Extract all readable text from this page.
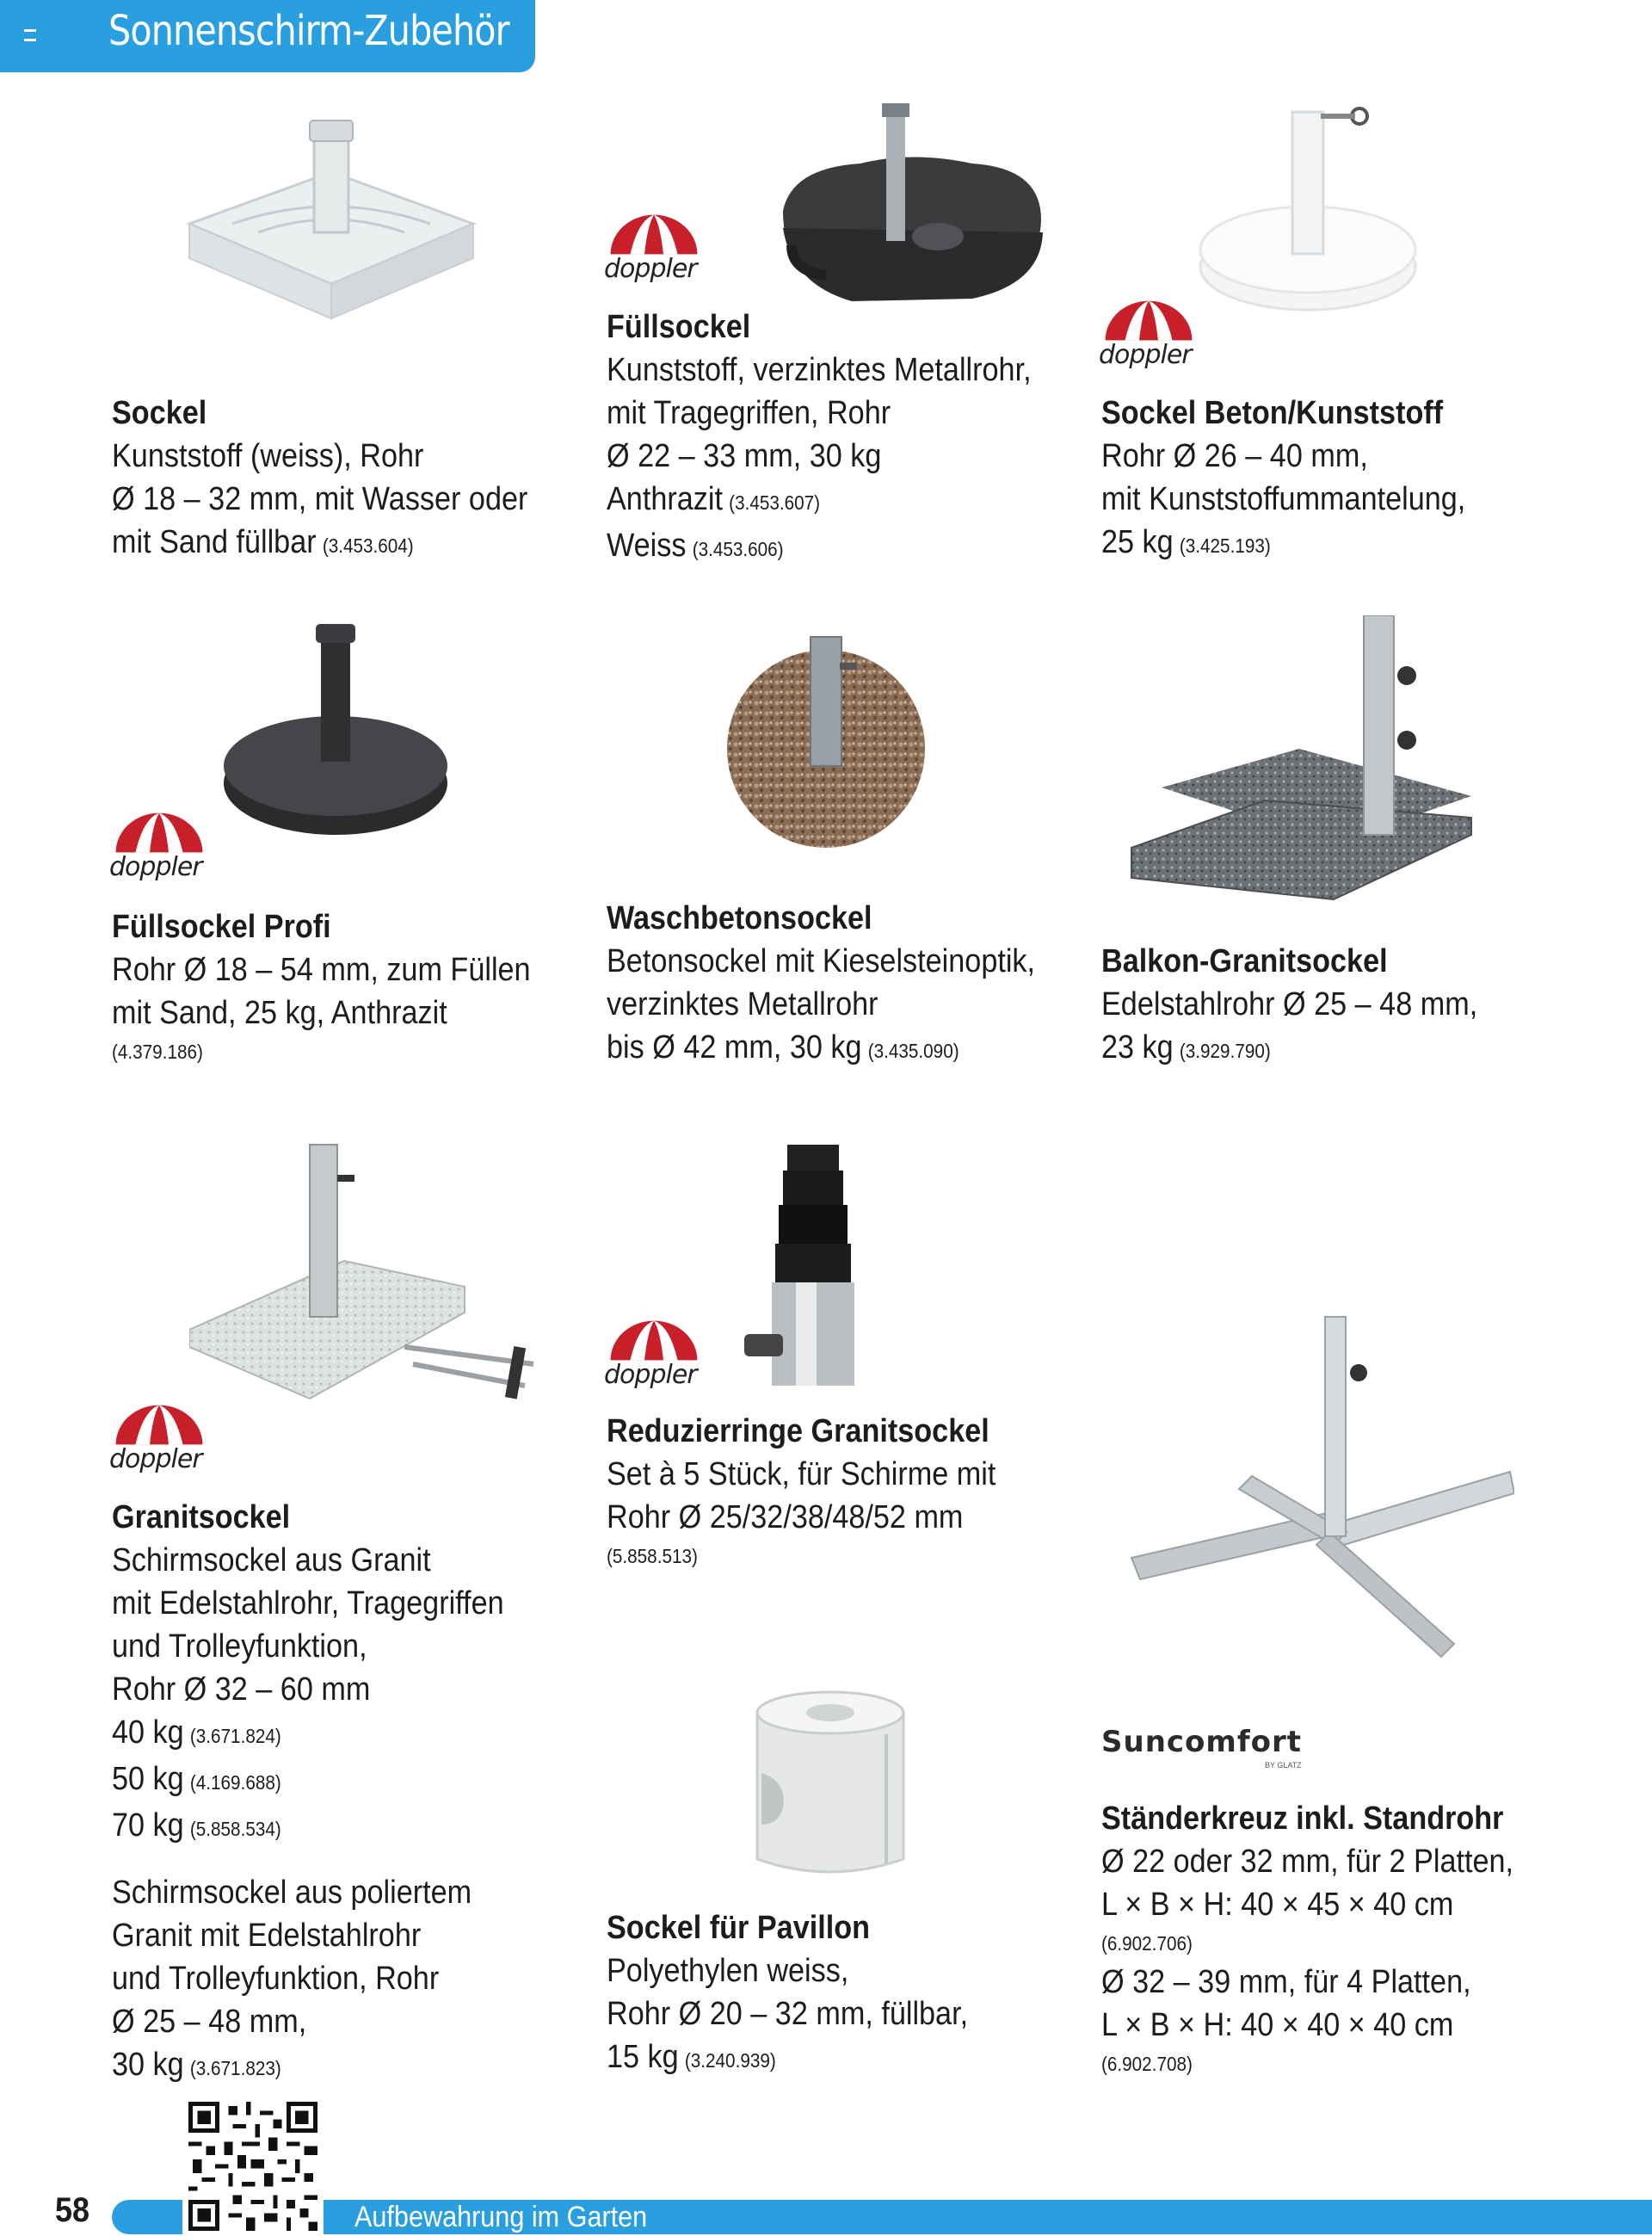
Sonnenschirm-Zubehör
Sockel
Kunststoff (weiss), Rohr
Ø 18 – 32 mm, mit Wasser oder
mit Sand füllbar (3.453.604)
doppler
Füllsockel
Kunststoff, verzinktes Metallrohr,
mit Tragegriffen, Rohr
Ø 22 – 33 mm, 30 kg
Anthrazit (3.453.607)
Weiss (3.453.606)
doppler
Sockel Beton/Kunststoff
Rohr Ø 26 – 40 mm,
mit Kunststoffummantelung,
25 kg (3.425.193)
doppler
Füllsockel Profi
Rohr Ø 18 – 54 mm, zum Füllen
mit Sand, 25 kg, Anthrazit
(4.379.186)
Waschbetonsockel
Betonsockel mit Kieselsteinoptik,
verzinktes Metallrohr
bis Ø 42 mm, 30 kg (3.435.090)
Balkon-Granitsockel
Edelstahlrohr Ø 25 – 48 mm,
23 kg (3.929.790)
doppler
Granitsockel
Schirmsockel aus Granit
mit Edelstahlrohr, Tragegriffen
und Trolleyfunktion,
Rohr Ø 32 – 60 mm
40 kg (3.671.824)
50 kg (4.169.688)
70 kg (5.858.534)
Schirmsockel aus poliertem
Granit mit Edelstahlrohr
und Trolleyfunktion, Rohr
Ø 25 – 48 mm,
30 kg (3.671.823)
doppler
Reduzierringe Granitsockel
Set à 5 Stück, für Schirme mit
Rohr Ø 25/32/38/48/52 mm
(5.858.513)
Sockel für Pavillon
Polyethylen weiss,
Rohr Ø 20 – 32 mm, füllbar,
15 kg (3.240.939)
Suncomfort
BY GLATZ
Ständerkreuz inkl. Standrohr
Ø 22 oder 32 mm, für 2 Platten,
L × B × H: 40 × 45 × 40 cm
(6.902.706)
Ø 32 – 39 mm, für 4 Platten,
L × B × H: 40 × 40 × 40 cm
(6.902.708)
58	Aufbewahrung im Garten
